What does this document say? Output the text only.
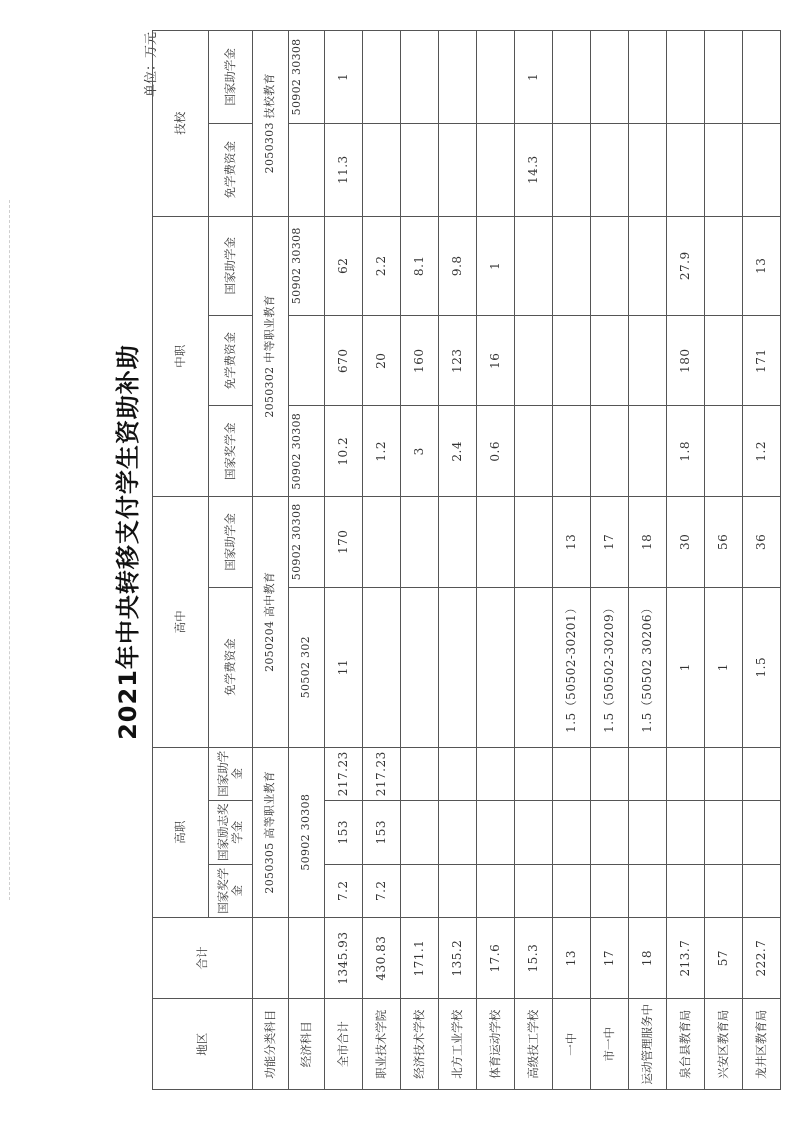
2021年中央转移支付学生资助补助
单位：万元
地区	合计	高职			高中		中职			技校	
		国家奖学金	国家励志奖学金	国家助学金	免学费资金	国家助学金	国家奖学金	免学费资金	国家助学金	免学费资金	国家助学金
功能分类科目		2050305 高等职业教育			2050204 高中教育		2050302 中等职业教育			2050303 技校教育	
经济科目		50902 30308			50502 302	50902 30308	50902 30308		50902 30308		50902 30308
全市合计	1345.93	7.2	153	217.23	11	170	10.2	670	62	11.3	1
职业技术学院	430.83	7.2	153	217.23			1.2	20	2.2		
经济技术学校	171.1						3	160	8.1		
北方工业学校	135.2						2.4	123	9.8		
体育运动学校	17.6						0.6	16	1		
高级技工学校	15.3									14.3	1
一中	13				1.5（50502-30201）	13					
市一中	17				1.5（50502-30209）	17					
运动管理服务中	18				1.5（50502 30206）	18					
泉台县教育局	213.7				1	30	1.8	180	27.9		
兴安区教育局	57				1	56					
龙井区教育局	222.7				1.5	36	1.2	171	13		
